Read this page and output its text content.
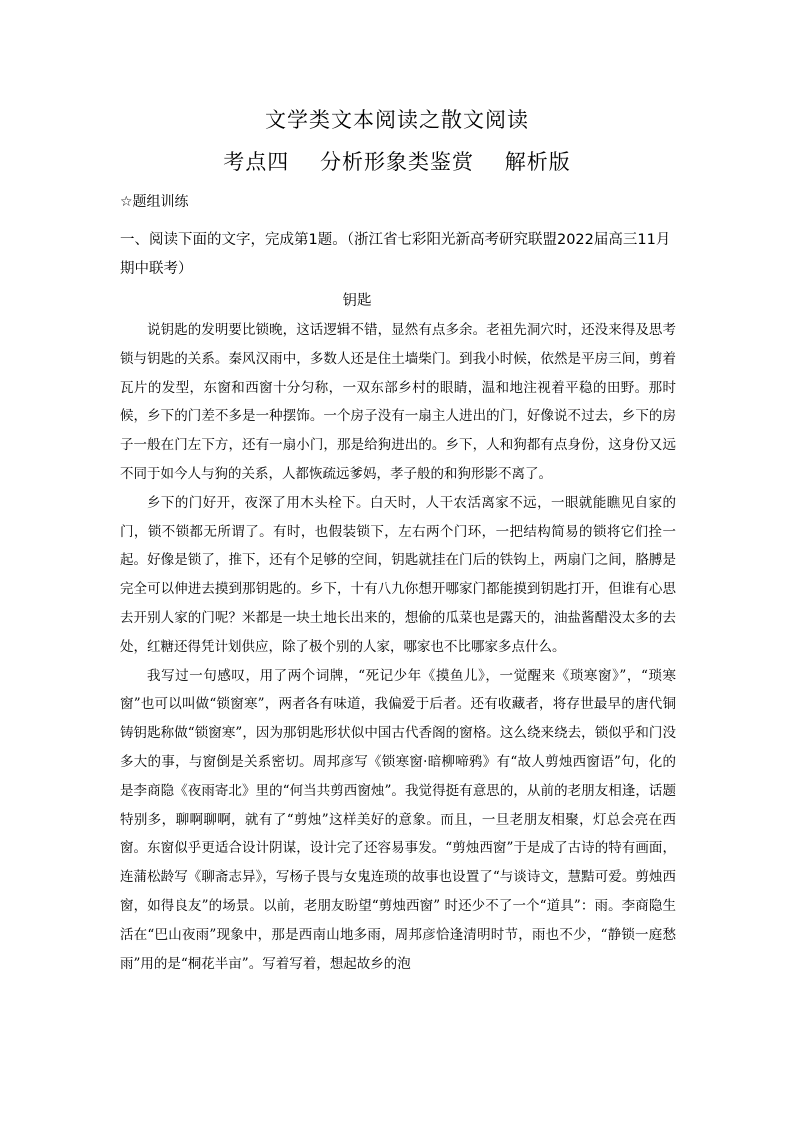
文学类文本阅读之散文阅读
考点四    分析形象类鉴赏    解析版
☆题组训练
一、阅读下面的文字，完成第1题。（浙江省七彩阳光新高考研究联盟2022届高三11月期中联考）
钥匙

说钥匙的发明要比锁晚，这话逻辑不错，显然有点多余。老祖先洞穴时，还没来得及思考锁与钥匙的关系。秦风汉雨中，多数人还是住土墙柴门。到我小时候，依然是平房三间，剪着瓦片的发型，东窗和西窗十分匀称，一双东部乡村的眼睛，温和地注视着平稳的田野。那时候，乡下的门差不多是一种摆饰。一个房子没有一扇主人进出的门，好像说不过去，乡下的房子一般在门左下方，还有一扇小门，那是给狗进出的。乡下，人和狗都有点身份，这身份又远不同于如今人与狗的关系，人都恢疏远爹妈，孝子般的和狗形影不离了。

乡下的门好开，夜深了用木头栓下。白天时，人干农活离家不远，一眼就能瞧见自家的门，锁不锁都无所谓了。有时，也假装锁下，左右两个门环，一把结构简易的锁将它们拴一起。好像是锁了，推下，还有个足够的空间，钥匙就挂在门后的铁钩上，两扇门之间，胳膊是完全可以伸进去摸到那钥匙的。乡下，十有八九你想开哪家门都能摸到钥匙打开，但谁有心思去开别人家的门呢？米都是一块土地长出来的，想偷的瓜菜也是露天的，油盐酱醋没太多的去处，红糖还得凭计划供应，除了极个别的人家，哪家也不比哪家多点什么。

我写过一句感叹，用了两个词牌，“死记少年《摸鱼儿》，一觉醒来《琐寒窗》”，“琐寒窗”也可以叫做“锁窗寒”，两者各有味道，我偏爱于后者。还有收藏者，将存世最早的唐代铜铸钥匙称做“锁窗寒”，因为那钥匙形状似中国古代香阁的窗格。这么绕来绕去，锁似乎和门没多大的事，与窗倒是关系密切。周邦彦写《锁寒窗·暗柳啼鸦》有“故人剪烛西窗语”句，化的是李商隐《夜雨寄北》里的“何当共剪西窗烛”。我觉得挺有意思的，从前的老朋友相逢，话题特别多，聊啊聊啊，就有了“剪烛”这样美好的意象。而且，一旦老朋友相聚，灯总会亮在西窗。东窗似乎更适合设计阴谋，设计完了还容易事发。“剪烛西窗”于是成了古诗的特有画面，连蒲松龄写《聊斋志异》，写杨子畏与女鬼连琐的故事也设置了“与谈诗文，慧黠可爱。剪烛西窗，如得良友”的场景。以前，老朋友盼望“剪烛西窗” 时还少不了一个“道具”：雨。李商隐生活在“巴山夜雨”现象中，那是西南山地多雨，周邦彦恰逢清明时节，雨也不少，“静锁一庭愁雨”用的是“桐花半亩”。写着写着，想起故乡的泡
